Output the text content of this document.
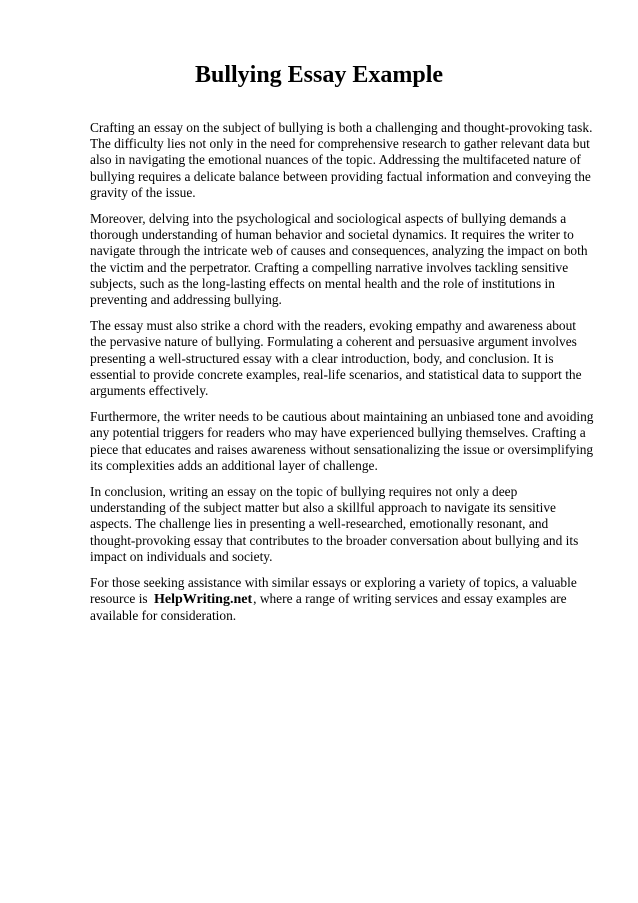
Bullying Essay Example

Crafting an essay on the subject of bullying is both a challenging and thought-provoking task. The difficulty lies not only in the need for comprehensive research to gather relevant data but also in navigating the emotional nuances of the topic. Addressing the multifaceted nature of bullying requires a delicate balance between providing factual information and conveying the gravity of the issue.

Moreover, delving into the psychological and sociological aspects of bullying demands a thorough understanding of human behavior and societal dynamics. It requires the writer to navigate through the intricate web of causes and consequences, analyzing the impact on both the victim and the perpetrator. Crafting a compelling narrative involves tackling sensitive subjects, such as the long-lasting effects on mental health and the role of institutions in preventing and addressing bullying.

The essay must also strike a chord with the readers, evoking empathy and awareness about the pervasive nature of bullying. Formulating a coherent and persuasive argument involves presenting a well-structured essay with a clear introduction, body, and conclusion. It is essential to provide concrete examples, real-life scenarios, and statistical data to support the arguments effectively.

Furthermore, the writer needs to be cautious about maintaining an unbiased tone and avoiding any potential triggers for readers who may have experienced bullying themselves. Crafting a piece that educates and raises awareness without sensationalizing the issue or oversimplifying its complexities adds an additional layer of challenge.

In conclusion, writing an essay on the topic of bullying requires not only a deep understanding of the subject matter but also a skillful approach to navigate its sensitive aspects. The challenge lies in presenting a well-researched, emotionally resonant, and thought-provoking essay that contributes to the broader conversation about bullying and its impact on individuals and society.

For those seeking assistance with similar essays or exploring a variety of topics, a valuable resource is HelpWriting.net, where a range of writing services and essay examples are available for consideration.
